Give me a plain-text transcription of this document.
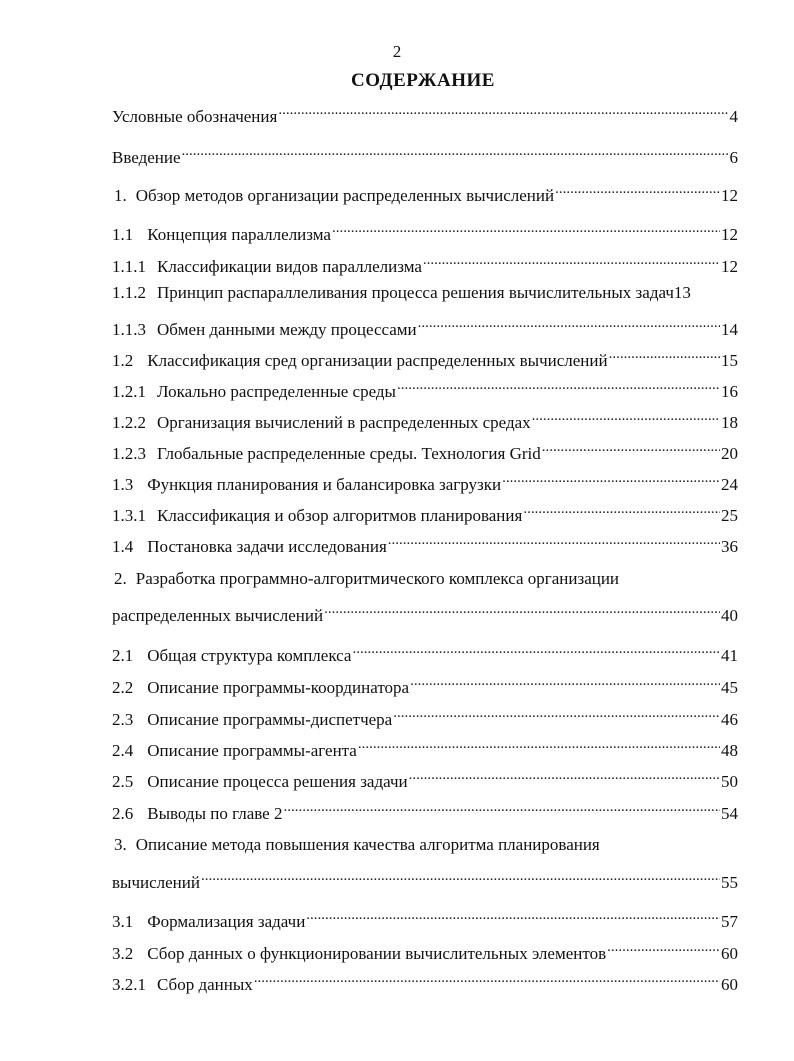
2
СОДЕРЖАНИЕ
Условные обозначения .....	4
Введение .....	6
1. Обзор методов организации распределенных вычислений .....	12
1.1 Концепция параллелизма .....	12
1.1.1 Классификации видов параллелизма .....	12
1.1.2 Принцип распараллеливания процесса решения вычислительных задач 13
1.1.3 Обмен данными между процессами .....	14
1.2 Классификация сред организации распределенных вычислений .....	15
1.2.1 Локально распределенные среды .....	16
1.2.2 Организация вычислений в распределенных средах .....	18
1.2.3 Глобальные распределенные среды. Технология Grid .....	20
1.3 Функция планирования и балансировка загрузки .....	24
1.3.1 Классификация и обзор алгоритмов планирования .....	25
1.4 Постановка задачи исследования .....	36
2. Разработка программно-алгоритмического комплекса организации
распределенных вычислений .....	40
2.1 Общая структура комплекса .....	41
2.2 Описание программы-координатора .....	45
2.3 Описание программы-диспетчера .....	46
2.4 Описание программы-агента .....	48
2.5 Описание процесса решения задачи .....	50
2.6 Выводы по главе 2 .....	54
3. Описание метода повышения качества алгоритма планирования
вычислений .....	55
3.1 Формализация задачи .....	57
3.2 Сбор данных о функционировании вычислительных элементов .....	60
3.2.1 Сбор данных .....	60
